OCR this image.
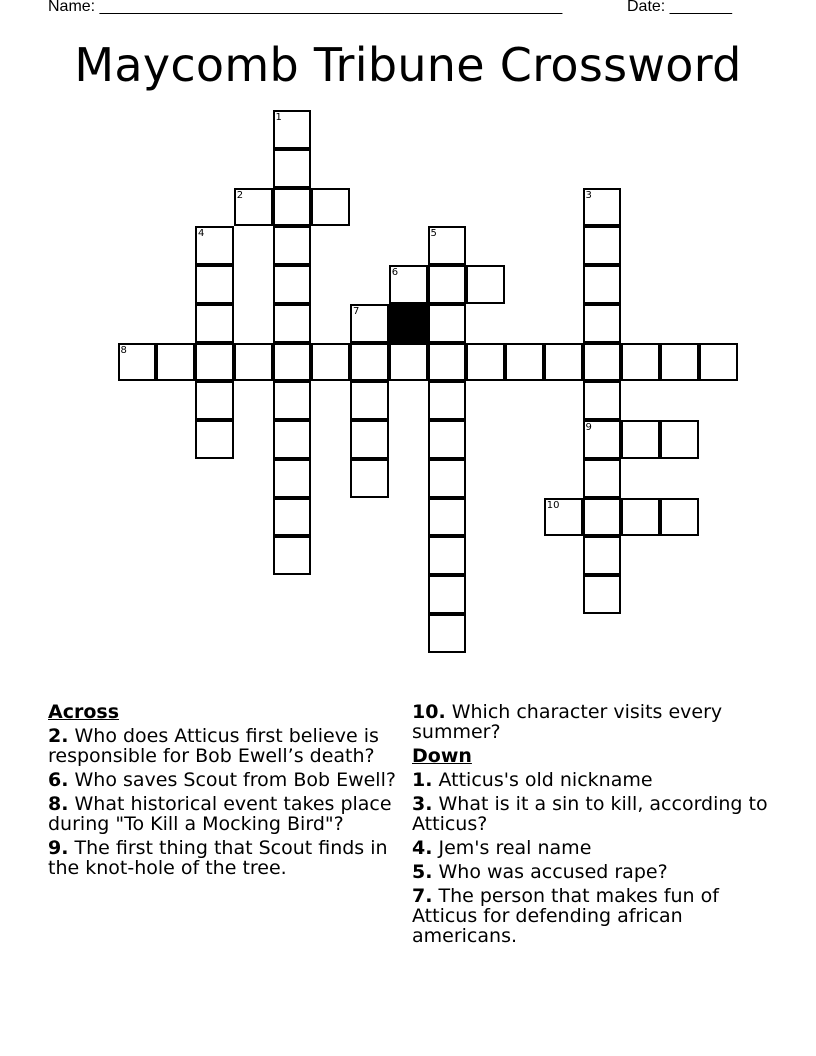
Name: ____________________________________________________	Date: _______
Maycomb Tribune Crossword
1
2	3
9
4	5
6
7
8
10
Across
2. Who does Atticus first believe is responsible for Bob Ewell’s death?
6. Who saves Scout from Bob Ewell?
8. What historical event takes place during "To Kill a Mocking Bird"?
9. The first thing that Scout finds in the knot-hole of the tree.
10. Which character visits every summer?
Down
1. Atticus's old nickname
3. What is it a sin to kill, according to Atticus?
4. Jem's real name
5. Who was accused rape?
7. The person that makes fun of Atticus for defending african americans.
